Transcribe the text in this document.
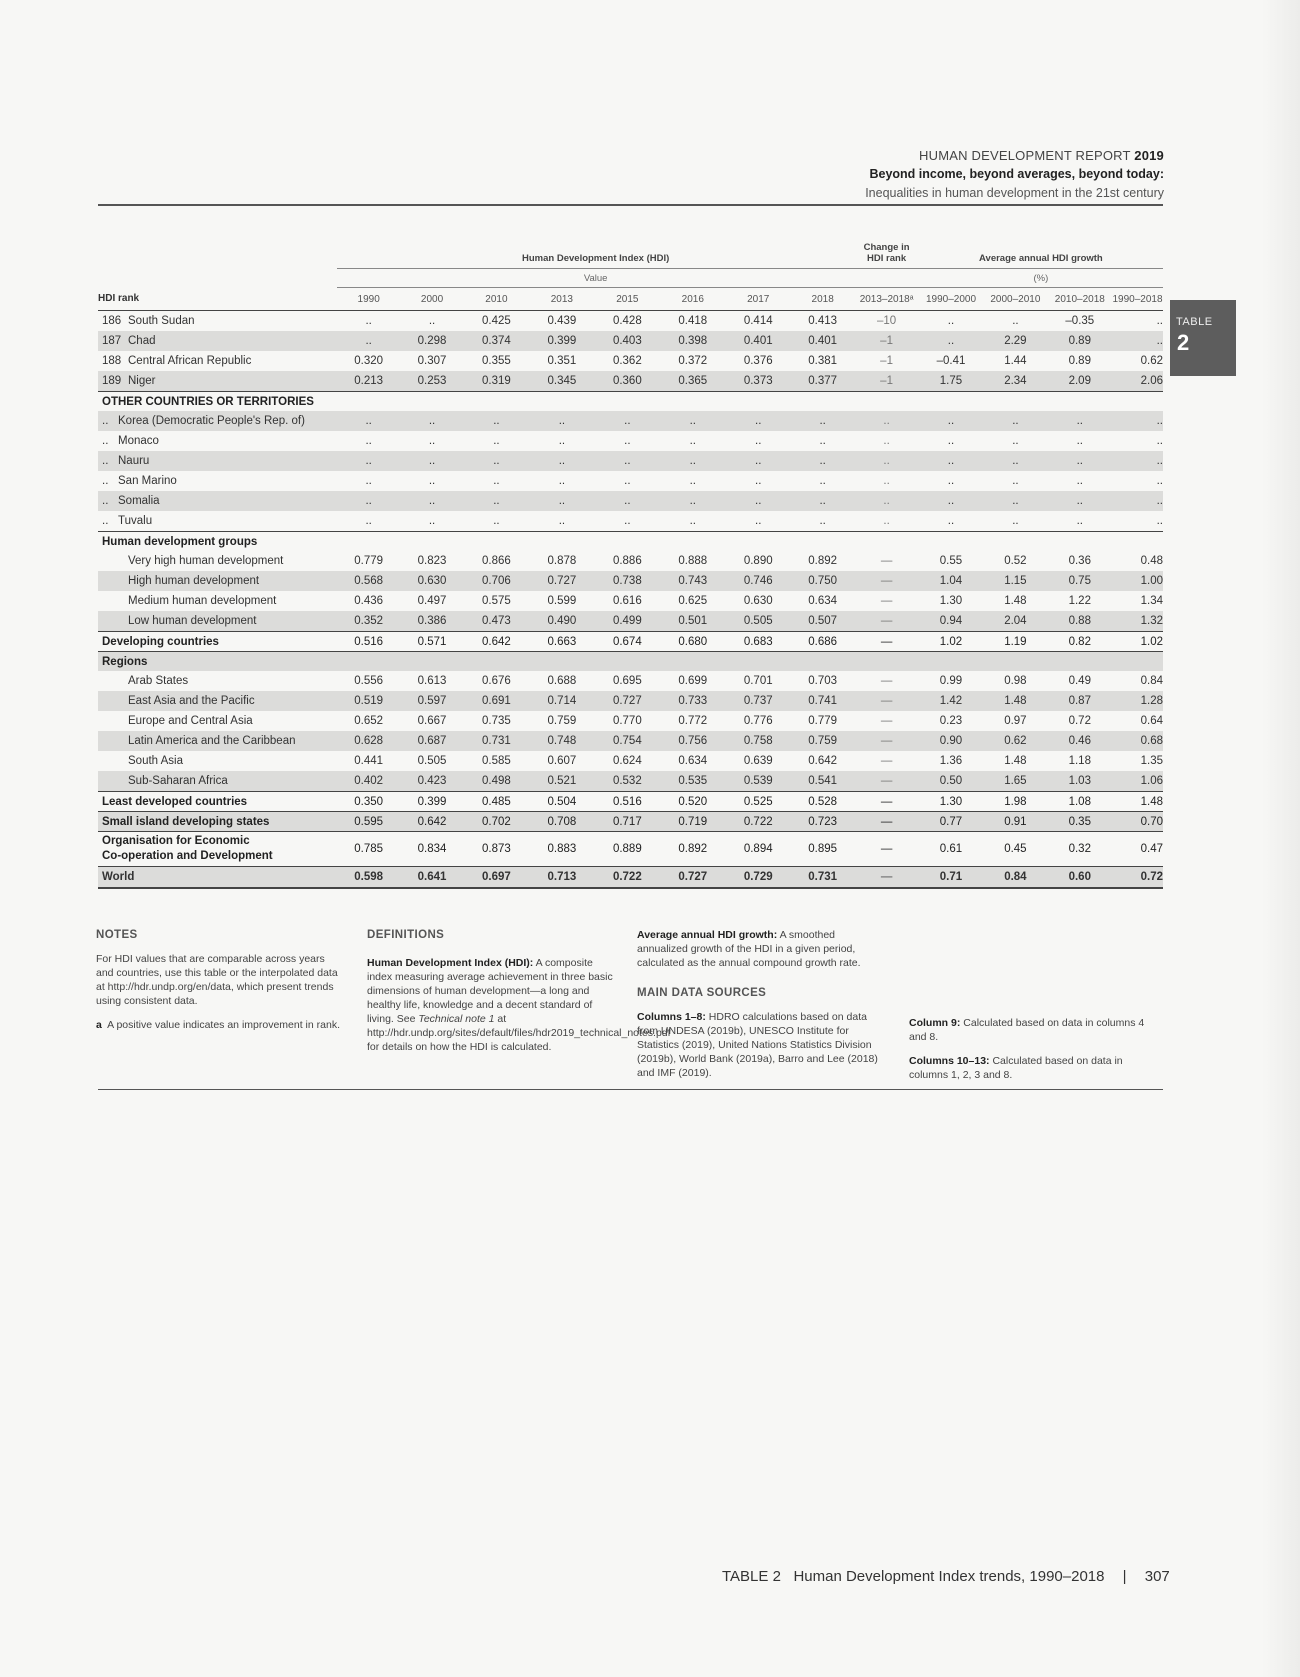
HUMAN DEVELOPMENT REPORT 2019
Beyond income, beyond averages, beyond today:
Inequalities in human development in the 21st century
TABLE
2
	Human Development Index (HDI)								Change in HDI rank	Average annual HDI growth			
	Value									(%)			
HDI rank	1990	2000	2010	2013	2015	2016	2017	2018	2013–2018ᵃ	1990–2000	2000–2010	2010–2018	1990–2018
186 South Sudan	..	..	0.425	0.439	0.428	0.418	0.414	0.413	–10	..	..	–0.35	..
187 Chad	..	0.298	0.374	0.399	0.403	0.398	0.401	0.401	–1	..	2.29	0.89	..
188 Central African Republic	0.320	0.307	0.355	0.351	0.362	0.372	0.376	0.381	–1	–0.41	1.44	0.89	0.62
189 Niger	0.213	0.253	0.319	0.345	0.360	0.365	0.373	0.377	–1	1.75	2.34	2.09	2.06
OTHER COUNTRIES OR TERRITORIES													
.. Korea (Democratic People's Rep. of)	..	..	..	..	..	..	..	..	..	..	..	..	..
.. Monaco	..	..	..	..	..	..	..	..	..	..	..	..	..
.. Nauru	..	..	..	..	..	..	..	..	..	..	..	..	..
.. San Marino	..	..	..	..	..	..	..	..	..	..	..	..	..
.. Somalia	..	..	..	..	..	..	..	..	..	..	..	..	..
.. Tuvalu	..	..	..	..	..	..	..	..	..	..	..	..	..
Human development groups													
Very high human development	0.779	0.823	0.866	0.878	0.886	0.888	0.890	0.892	—	0.55	0.52	0.36	0.48
High human development	0.568	0.630	0.706	0.727	0.738	0.743	0.746	0.750	—	1.04	1.15	0.75	1.00
Medium human development	0.436	0.497	0.575	0.599	0.616	0.625	0.630	0.634	—	1.30	1.48	1.22	1.34
Low human development	0.352	0.386	0.473	0.490	0.499	0.501	0.505	0.507	—	0.94	2.04	0.88	1.32
Developing countries	0.516	0.571	0.642	0.663	0.674	0.680	0.683	0.686	—	1.02	1.19	0.82	1.02
Regions													
Arab States	0.556	0.613	0.676	0.688	0.695	0.699	0.701	0.703	—	0.99	0.98	0.49	0.84
East Asia and the Pacific	0.519	0.597	0.691	0.714	0.727	0.733	0.737	0.741	—	1.42	1.48	0.87	1.28
Europe and Central Asia	0.652	0.667	0.735	0.759	0.770	0.772	0.776	0.779	—	0.23	0.97	0.72	0.64
Latin America and the Caribbean	0.628	0.687	0.731	0.748	0.754	0.756	0.758	0.759	—	0.90	0.62	0.46	0.68
South Asia	0.441	0.505	0.585	0.607	0.624	0.634	0.639	0.642	—	1.36	1.48	1.18	1.35
Sub-Saharan Africa	0.402	0.423	0.498	0.521	0.532	0.535	0.539	0.541	—	0.50	1.65	1.03	1.06
Least developed countries	0.350	0.399	0.485	0.504	0.516	0.520	0.525	0.528	—	1.30	1.98	1.08	1.48
Small island developing states	0.595	0.642	0.702	0.708	0.717	0.719	0.722	0.723	—	0.77	0.91	0.35	0.70
Organisation for Economic
Co-operation and Development	0.785	0.834	0.873	0.883	0.889	0.892	0.894	0.895	—	0.61	0.45	0.32	0.47
World	0.598	0.641	0.697	0.713	0.722	0.727	0.729	0.731	—	0.71	0.84	0.60	0.72
NOTES

For HDI values that are comparable across years and countries, use this table or the interpolated data at http://hdr.undp.org/en/data, which present trends using consistent data.

a A positive value indicates an improvement in rank.

DEFINITIONS

Human Development Index (HDI): A composite index measuring average achievement in three basic dimensions of human development—a long and healthy life, knowledge and a decent standard of living. See Technical note 1 at http://hdr.undp.org/sites/default/files/hdr2019_technical_notes.pdf for details on how the HDI is calculated.

Average annual HDI growth: A smoothed annualized growth of the HDI in a given period, calculated as the annual compound growth rate.

MAIN DATA SOURCES

Columns 1–8: HDRO calculations based on data from UNDESA (2019b), UNESCO Institute for Statistics (2019), United Nations Statistics Division (2019b), World Bank (2019a), Barro and Lee (2018) and IMF (2019).

Column 9: Calculated based on data in columns 4 and 8.

Columns 10–13: Calculated based on data in columns 1, 2, 3 and 8.

TABLE 2 Human Development Index trends, 1990–2018 | 307
